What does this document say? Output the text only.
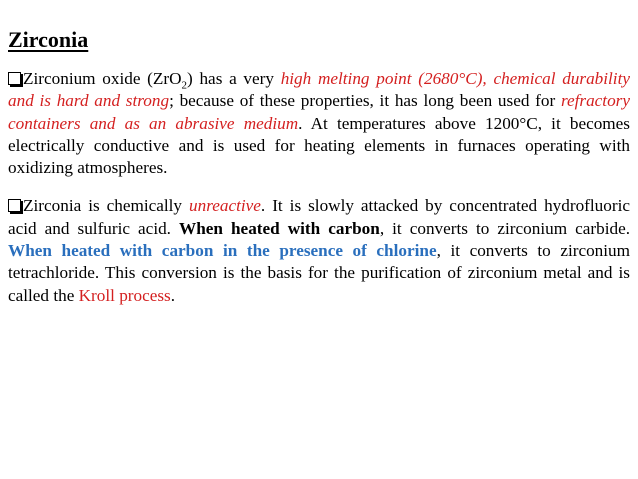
Zirconia

Zirconium oxide (ZrO$_2$) has a very high melting point (2680°C), chemical durability and is hard and strong; because of these properties, it has long been used for refractory containers and as an abrasive medium. At temperatures above 1200°C, it becomes electrically conductive and is used for heating elements in furnaces operating with oxidizing atmospheres.

Zirconia is chemically unreactive. It is slowly attacked by concentrated hydrofluoric acid and sulfuric acid. When heated with carbon, it converts to zirconium carbide. When heated with carbon in the presence of chlorine, it converts to zirconium tetrachloride. This conversion is the basis for the purification of zirconium metal and is called the Kroll process.
